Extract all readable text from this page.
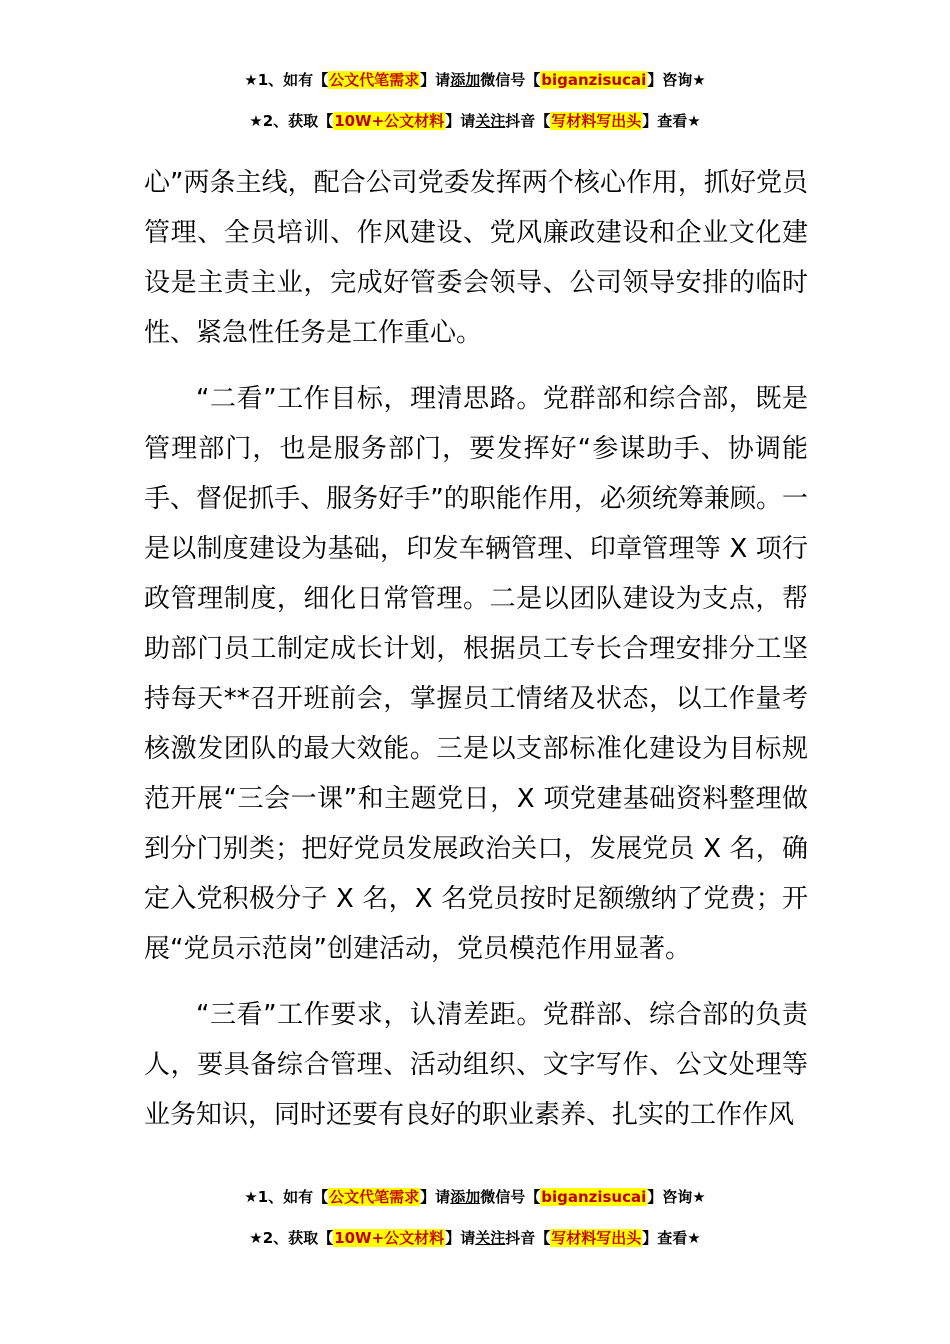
★1、如有【公文代笔需求】请添加微信号【biganzisucai】咨询★
★2、获取【10W+公文材料】请关注抖音【写材料写出头】查看★

心”两条主线，配合公司党委发挥两个核心作用，抓好党员管理、全员培训、作风建设、党风廉政建设和企业文化建设是主责主业，完成好管委会领导、公司领导安排的临时性、紧急性任务是工作重心。

“二看”工作目标，理清思路。党群部和综合部，既是管理部门，也是服务部门，要发挥好“参谋助手、协调能手、督促抓手、服务好手”的职能作用，必须统筹兼顾。一是以制度建设为基础，印发车辆管理、印章管理等 X 项行政管理制度，细化日常管理。二是以团队建设为支点，帮助部门员工制定成长计划，根据员工专长合理安排分工坚持每天**召开班前会，掌握员工情绪及状态，以工作量考核激发团队的最大效能。三是以支部标准化建设为目标规范开展“三会一课”和主题党日，X 项党建基础资料整理做到分门别类；把好党员发展政治关口，发展党员 X 名，确定入党积极分子 X 名，X 名党员按时足额缴纳了党费；开展“党员示范岗”创建活动，党员模范作用显著。

“三看”工作要求，认清差距。党群部、综合部的负责人，要具备综合管理、活动组织、文字写作、公文处理等业务知识，同时还要有良好的职业素养、扎实的工作作风

★1、如有【公文代笔需求】请添加微信号【biganzisucai】咨询★
★2、获取【10W+公文材料】请关注抖音【写材料写出头】查看★
